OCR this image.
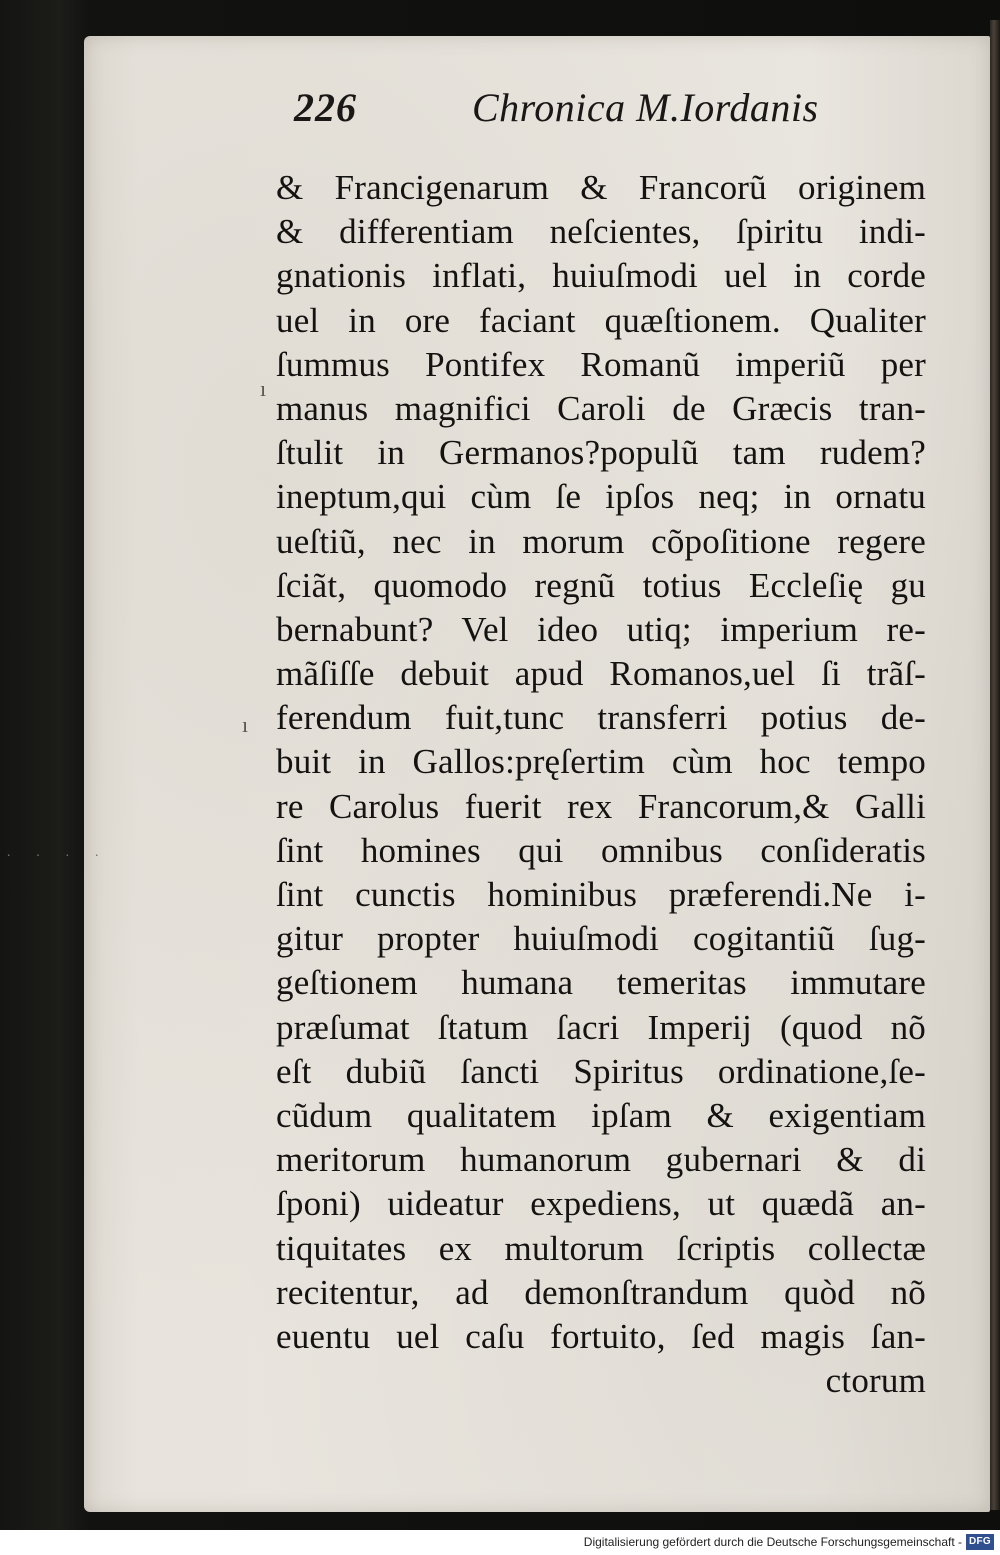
226	Chronica M.Iordanis
& Francigenarum & Francorũ originem
& differentiam neſcientes, ſpiritu indi-
gnationis inflati, huiuſmodi uel in corde
uel in ore faciant quæſtionem. Qualiter
ſummus Pontifex Romanũ imperiũ per
manus magnifici Caroli de Græcis tran-
ſtulit in Germanos?populũ tam rudem?
ineptum,qui cùm ſe ipſos neq; in ornatu
ueſtiũ, nec in morum cõpoſitione regere
ſciãt, quomodo regnũ totius Eccleſię gu
bernabunt? Vel ideo utiq; imperium re-
mãſiſſe debuit apud Romanos,uel ſi trãſ-
ferendum fuit,tunc transferri potius de-
buit in Gallos:pręſertim cùm hoc tempo
re Carolus fuerit rex Francorum,& Galli
ſint homines qui omnibus conſideratis
ſint cunctis hominibus præferendi.Ne i-
gitur propter huiuſmodi cogitantiũ ſug-
geſtionem humana temeritas immutare
præſumat ſtatum ſacri Imperij (quod nõ
eſt dubiũ ſancti Spiritus ordinatione,ſe-
cũdum qualitatem ipſam & exigentiam
meritorum humanorum gubernari & di
ſponi) uideatur expediens, ut quædã an-
tiquitates ex multorum ſcriptis collectæ
recitentur, ad demonſtrandum quòd nõ
euentu uel caſu fortuito, ſed magis ſan-
ctorum
ı
ı
˙ ˙ ˙ ˙
Digitalisierung gefördert durch die Deutsche Forschungsgemeinschaft - DFG
